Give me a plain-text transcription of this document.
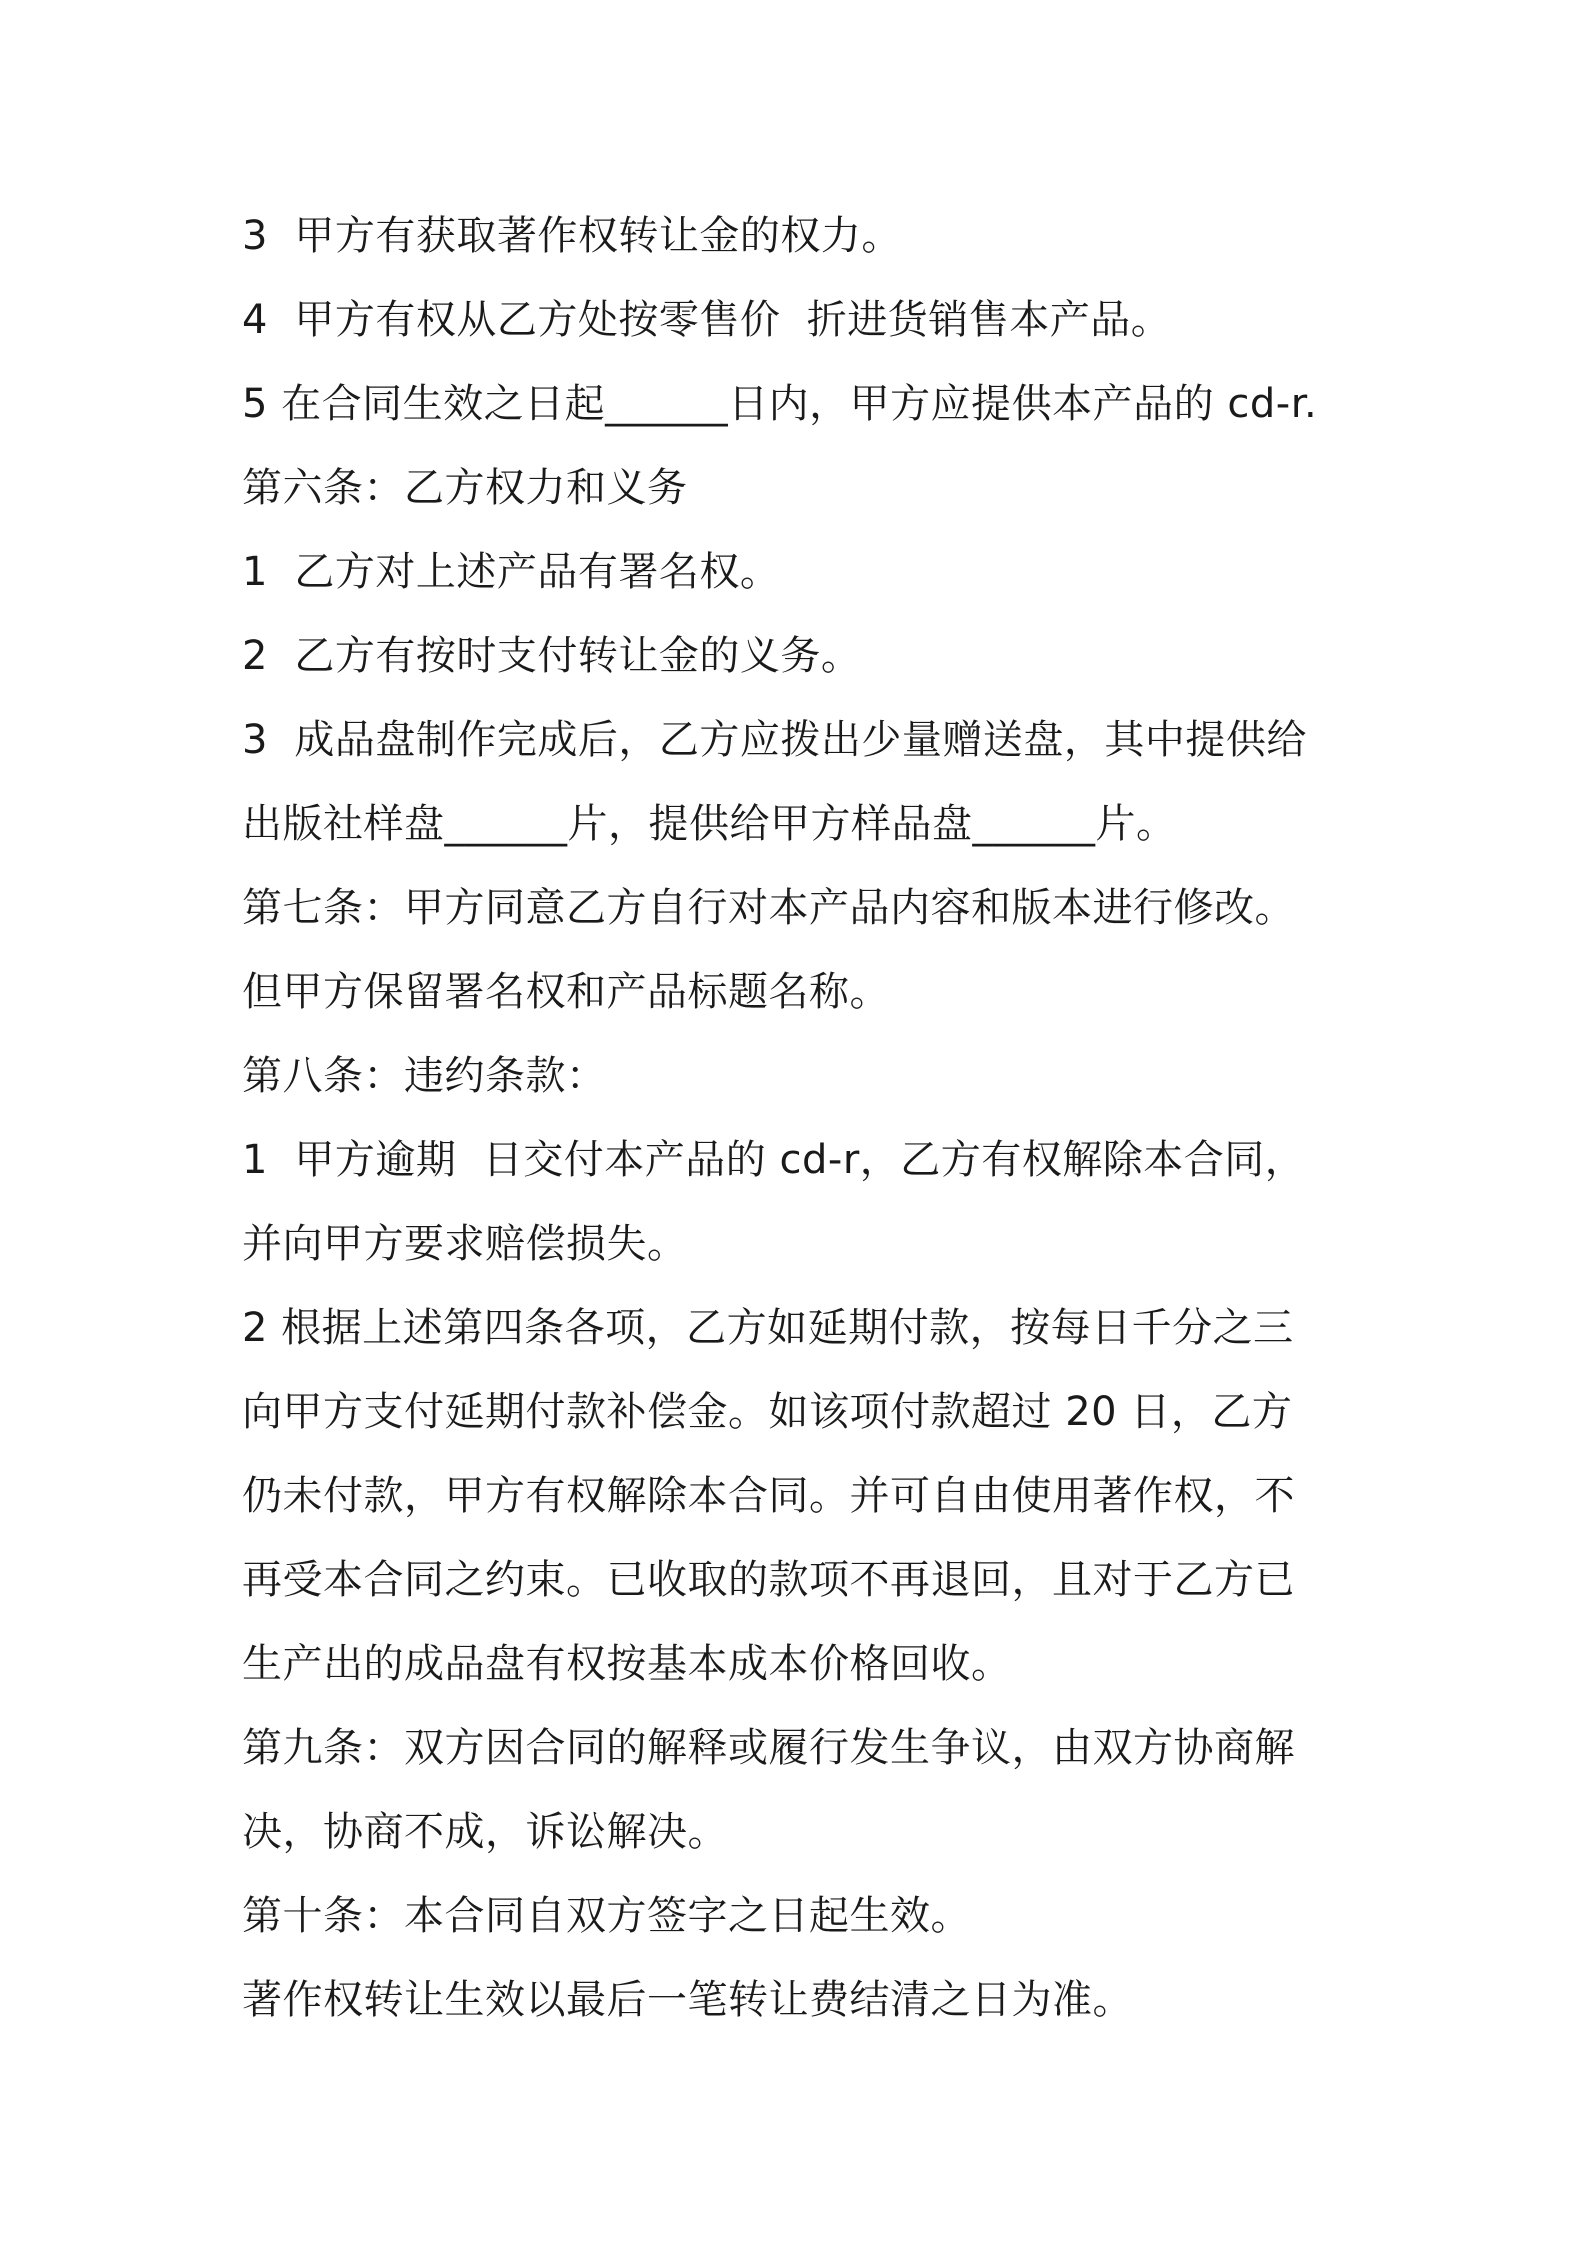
3  甲方有获取著作权转让金的权力。
4  甲方有权从乙方处按零售价  折进货销售本产品。
5 在合同生效之日起______日内，甲方应提供本产品的 cd-r.
第六条：乙方权力和义务
1  乙方对上述产品有署名权。
2  乙方有按时支付转让金的义务。
3  成品盘制作完成后，乙方应拨出少量赠送盘，其中提供给
出版社样盘______片，提供给甲方样品盘______片。
第七条：甲方同意乙方自行对本产品内容和版本进行修改。
但甲方保留署名权和产品标题名称。
第八条：违约条款：
1  甲方逾期  日交付本产品的 cd-r，乙方有权解除本合同，
并向甲方要求赔偿损失。
2 根据上述第四条各项，乙方如延期付款，按每日千分之三
向甲方支付延期付款补偿金。如该项付款超过 20 日，乙方
仍未付款，甲方有权解除本合同。并可自由使用著作权，不
再受本合同之约束。已收取的款项不再退回，且对于乙方已
生产出的成品盘有权按基本成本价格回收。
第九条：双方因合同的解释或履行发生争议，由双方协商解
决，协商不成，诉讼解决。
第十条：本合同自双方签字之日起生效。
著作权转让生效以最后一笔转让费结清之日为准。
